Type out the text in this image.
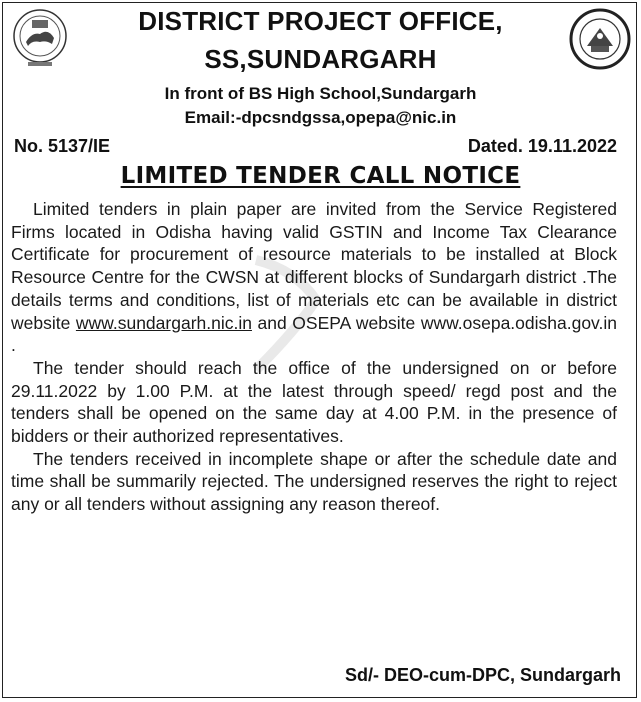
DISTRICT PROJECT OFFICE,
SS,SUNDARGARH
In front of BS High School,Sundargarh
Email:-dpcsndgssa,opepa@nic.in
No. 5137/IE	Dated. 19.11.2022
LIMITED TENDER CALL NOTICE

Limited tenders in plain paper are invited from the Service Registered Firms located in Odisha having valid GSTIN and Income Tax Clearance Certificate for procurement of resource materials to be installed at Block Resource Centre for the CWSN at different blocks of Sundargarh district .The details terms and conditions, list of materials etc can be available in district website www.sundargarh.nic.in and OSEPA website www.osepa.odisha.gov.in .

The tender should reach the office of the undersigned on or before 29.11.2022 by 1.00 P.M. at the latest through speed/ regd post and the tenders shall be opened on the same day at 4.00 P.M. in the presence of bidders or their authorized representatives.

The tenders received in incomplete shape or after the schedule date and time shall be summarily rejected. The undersigned reserves the right to reject any or all tenders without assigning any reason thereof.

Sd/- DEO-cum-DPC, Sundargarh
